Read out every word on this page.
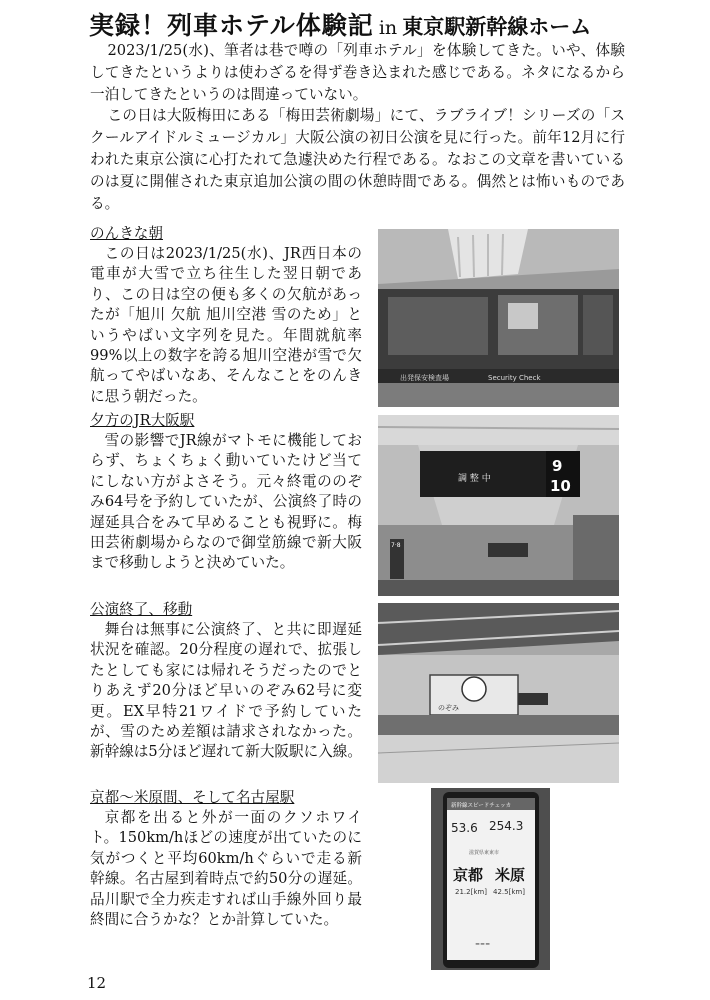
実録！列車ホテル体験記 in 東京駅新幹線ホーム

2023/1/25(水)、筆者は巷で噂の「列車ホテル」を体験してきた。いや、体験してきたというよりは使わざるを得ず巻き込まれた感じである。ネタになるから一泊してきたというのは間違っていない。

この日は大阪梅田にある「梅田芸術劇場」にて、ラブライブ！シリーズの「スクールアイドルミュージカル」大阪公演の初日公演を見に行った。前年12月に行われた東京公演に心打たれて急遽決めた行程である。なおこの文章を書いているのは夏に開催された東京追加公演の間の休憩時間である。偶然とは怖いものである。

のんきな朝

この日は2023/1/25(水)、JR西日本の電車が大雪で立ち往生した翌日朝であり、この日は空の便も多くの欠航があったが「旭川 欠航 旭川空港 雪のため」というやばい文字列を見た。年間就航率99%以上の数字を誇る旭川空港が雪で欠航ってやばいなあ、そんなことをのんきに思う朝だった。

夕方のJR大阪駅

雪の影響でJR線がマトモに機能しておらず、ちょくちょく動いていたけど当てにしない方がよさそう。元々終電ののぞみ64号を予約していたが、公演終了時の遅延具合をみて早めることも視野に。梅田芸術劇場からなので御堂筋線で新大阪まで移動しようと決めていた。

公演終了、移動

舞台は無事に公演終了、と共に即遅延状況を確認。20分程度の遅れで、拡張したとしても家には帰れそうだったのでとりあえず20分ほど早いのぞみ62号に変更。EX早特21ワイドで予約していたが、雪のため差額は請求されなかった。新幹線は5分ほど遅れて新大阪駅に入線。

京都～米原間、そして名古屋駅

京都を出ると外が一面のクソホワイト。150km/hほどの速度が出ていたのに気がつくと平均60km/hぐらいで走る新幹線。名古屋到着時点で約50分の遅延。品川駅で全力疾走すれば山手線外回り最終間に合うかな？とか計算していた。

出発保安検査場	Security Check
調 整 中
9
10
7·8
のぞみ
新幹線スピードチェッカ
53.6 254.3
滋賀県東東市
京都 米原
21.2[km] 42.5[km]
---
12
